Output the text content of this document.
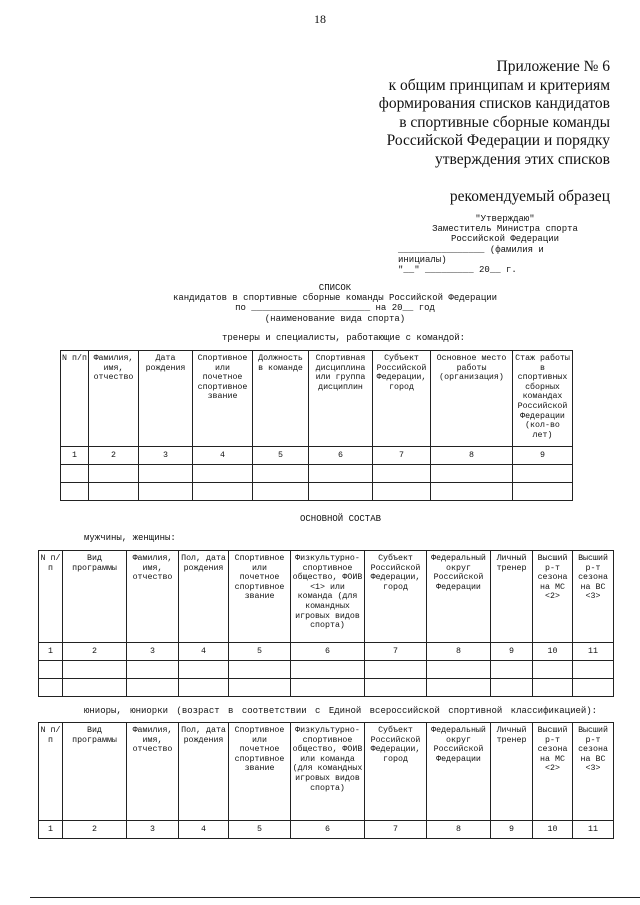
18
Приложение № 6
к общим принципам и критериям
формирования списков кандидатов
в спортивные сборные команды
Российской Федерации и порядку
утверждения этих списков
рекомендуемый образец
"Утверждаю"
Заместитель Министра спорта
Российской Федерации
________________ (фамилия и
инициалы)
"__" _________ 20__ г.
СПИСОК
кандидатов в спортивные сборные команды Российской Федерации
по ______________________ на 20__ год
(наименование вида спорта)
тренеры и специалисты, работающие с командой:
N п/п	Фамилия, имя, отчество	Дата рождения	Спортивное или почетное спортивное звание	Должность в команде	Спортивная дисциплина или группа дисциплин	Субъект Российской Федерации, город	Основное место работы (организация)	Стаж работы в спортивных сборных командах Российской Федерации (кол-во лет)
1	2	3	4	5	6	7	8	9

ОСНОВНОЙ СОСТАВ
мужчины, женщины:
N п/п	Вид программы	Фамилия, имя, отчество	Пол, дата рождения	Спортивное или почетное спортивное звание	Физкультурно-спортивное общество, ФОИВ <1> или команда (для командных игровых видов спорта)	Субъект Российской Федерации, город	Федеральный округ Российской Федерации	Личный тренер	Высший р-т сезона на МС <2>	Высший р-т сезона на ВС <3>
1	2	3	4	5	6	7	8	9	10	11

юниоры, юниорки (возраст в соответствии с Единой всероссийской спортивной классификацией):
N п/п	Вид программы	Фамилия, имя, отчество	Пол, дата рождения	Спортивное или почетное спортивное звание	Физкультурно-спортивное общество, ФОИВ или команда (для командных игровых видов спорта)	Субъект Российской Федерации, город	Федеральный округ Российской Федерации	Личный тренер	Высший р-т сезона на МС <2>	Высший р-т сезона на ВС <3>
1	2	3	4	5	6	7	8	9	10	11
